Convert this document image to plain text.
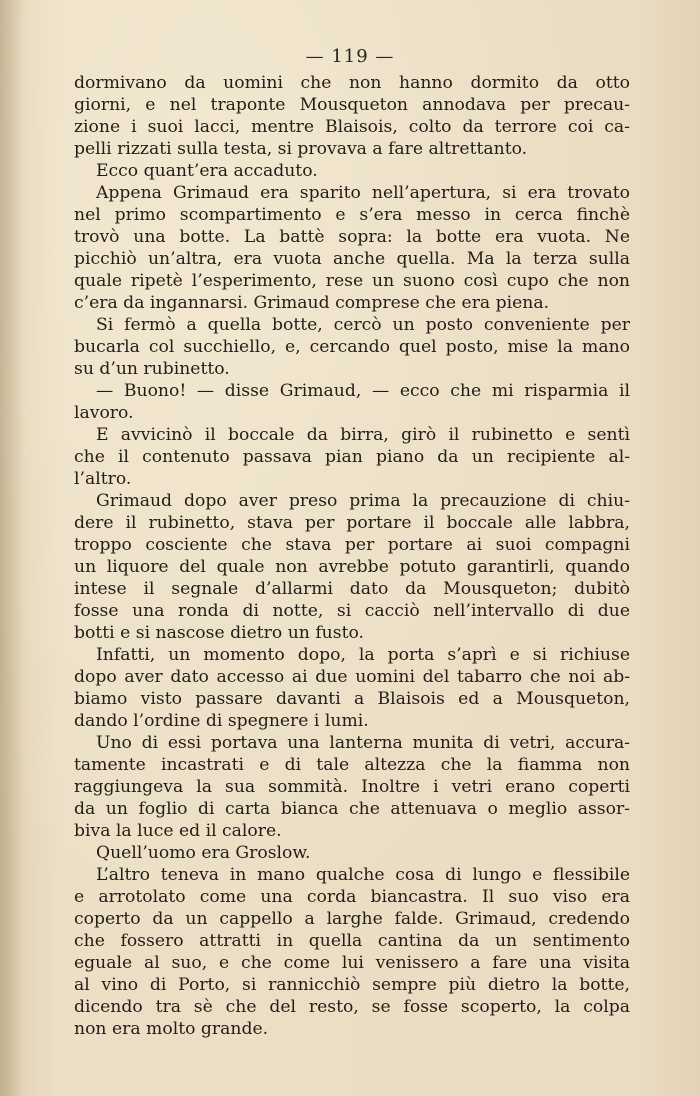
— 119 —
dormivano da uomini che non hanno dormito da otto
giorni, e nel traponte Mousqueton annodava per precau-
zione i suoi lacci, mentre Blaisois, colto da terrore coi ca-
pelli rizzati sulla testa, si provava a fare altrettanto.
Ecco quant’era accaduto.
Appena Grimaud era sparito nell’apertura, si era trovato
nel primo scompartimento e s’era messo in cerca finchè
trovò una botte. La battè sopra: la botte era vuota. Ne
picchiò un’altra, era vuota anche quella. Ma la terza sulla
quale ripetè l’esperimento, rese un suono così cupo che non
c’era da ingannarsi. Grimaud comprese che era piena.
Si fermò a quella botte, cercò un posto conveniente per
bucarla col succhiello, e, cercando quel posto, mise la mano
su d’un rubinetto.
— Buono! — disse Grimaud, — ecco che mi risparmia il
lavoro.
E avvicinò il boccale da birra, girò il rubinetto e sentì
che il contenuto passava pian piano da un recipiente al-
l’altro.
Grimaud dopo aver preso prima la precauzione di chiu-
dere il rubinetto, stava per portare il boccale alle labbra,
troppo cosciente che stava per portare ai suoi compagni
un liquore del quale non avrebbe potuto garantirli, quando
intese il segnale d’allarmi dato da Mousqueton; dubitò
fosse una ronda di notte, si cacciò nell’intervallo di due
botti e si nascose dietro un fusto.
Infatti, un momento dopo, la porta s’aprì e si richiuse
dopo aver dato accesso ai due uomini del tabarro che noi ab-
biamo visto passare davanti a Blaisois ed a Mousqueton,
dando l’ordine di spegnere i lumi.
Uno di essi portava una lanterna munita di vetri, accura-
tamente incastrati e di tale altezza che la fiamma non
raggiungeva la sua sommità. Inoltre i vetri erano coperti
da un foglio di carta bianca che attenuava o meglio assor-
biva la luce ed il calore.
Quell’uomo era Groslow.
L’altro teneva in mano qualche cosa di lungo e flessibile
e arrotolato come una corda biancastra. Il suo viso era
coperto da un cappello a larghe falde. Grimaud, credendo
che fossero attratti in quella cantina da un sentimento
eguale al suo, e che come lui venissero a fare una visita
al vino di Porto, si rannicchiò sempre più dietro la botte,
dicendo tra sè che del resto, se fosse scoperto, la colpa
non era molto grande.
